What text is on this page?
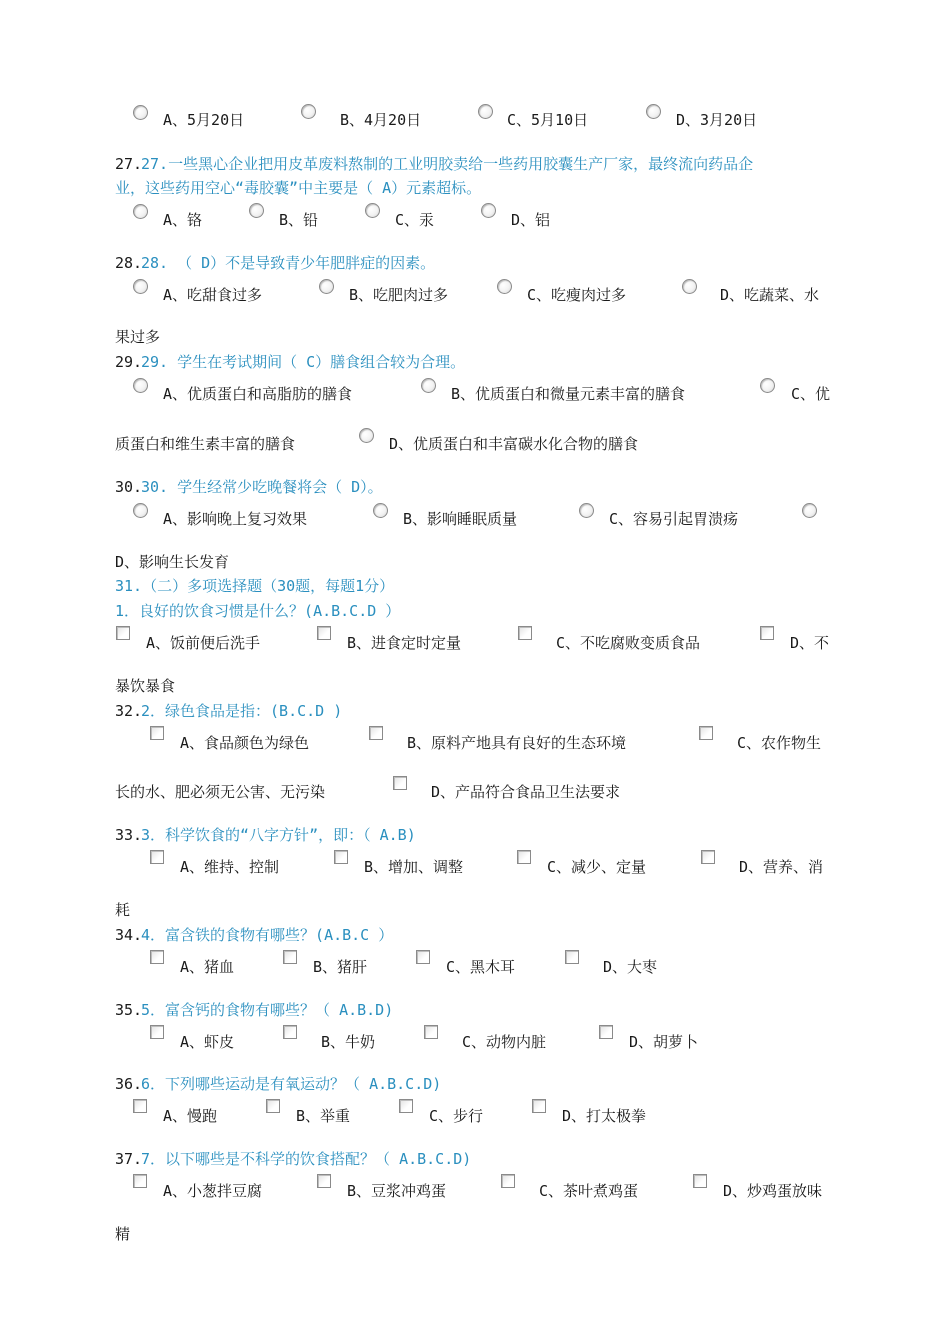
A、5月20日	B、4月20日	C、5月10日	D、3月20日
27.
27.一些黑心企业把用皮革废料熬制的工业明胶卖给一些药用胶囊生产厂家，最终流向药品企
业，这些药用空心“毒胶囊”中主要是（ A）元素超标。
A、铬	B、铅	C、汞	D、铝
28.
28. （ D）不是导致青少年肥胖症的因素。
A、吃甜食过多	B、吃肥肉过多	C、吃瘦肉过多	D、吃蔬菜、水
果过多
29.
29. 学生在考试期间（ C）膳食组合较为合理。
A、优质蛋白和高脂肪的膳食	B、优质蛋白和微量元素丰富的膳食	C、优
质蛋白和维生素丰富的膳食	D、优质蛋白和丰富碳水化合物的膳食
30.
30. 学生经常少吃晚餐将会（ D）。
A、影响晚上复习效果	B、影响睡眠质量	C、容易引起胃溃疡
D、影响生长发育
31.（二）多项选择题（30题，每题1分）
1．良好的饮食习惯是什么？(A.B.C.D ）
A、饭前便后洗手	B、进食定时定量	C、不吃腐败变质食品	D、不
暴饮暴食
32.
2．绿色食品是指：(B.C.D )
A、食品颜色为绿色	B、原料产地具有良好的生态环境	C、农作物生
长的水、肥必须无公害、无污染	D、产品符合食品卫生法要求
33.
3．科学饮食的“八字方针”，即：（ A.B)
A、维持、控制	B、增加、调整	C、减少、定量	D、营养、消
耗
34.
4．富含铁的食物有哪些？(A.B.C ）
A、猪血	B、猪肝	C、黑木耳	D、大枣
35.
5．富含钙的食物有哪些？（ A.B.D)
A、虾皮	B、牛奶	C、动物内脏	D、胡萝卜
36.
6．下列哪些运动是有氧运动？（ A.B.C.D)
A、慢跑	B、举重	C、步行	D、打太极拳
37.
7．以下哪些是不科学的饮食搭配？（ A.B.C.D)
A、小葱拌豆腐	B、豆浆冲鸡蛋	C、茶叶煮鸡蛋	D、炒鸡蛋放味
精
